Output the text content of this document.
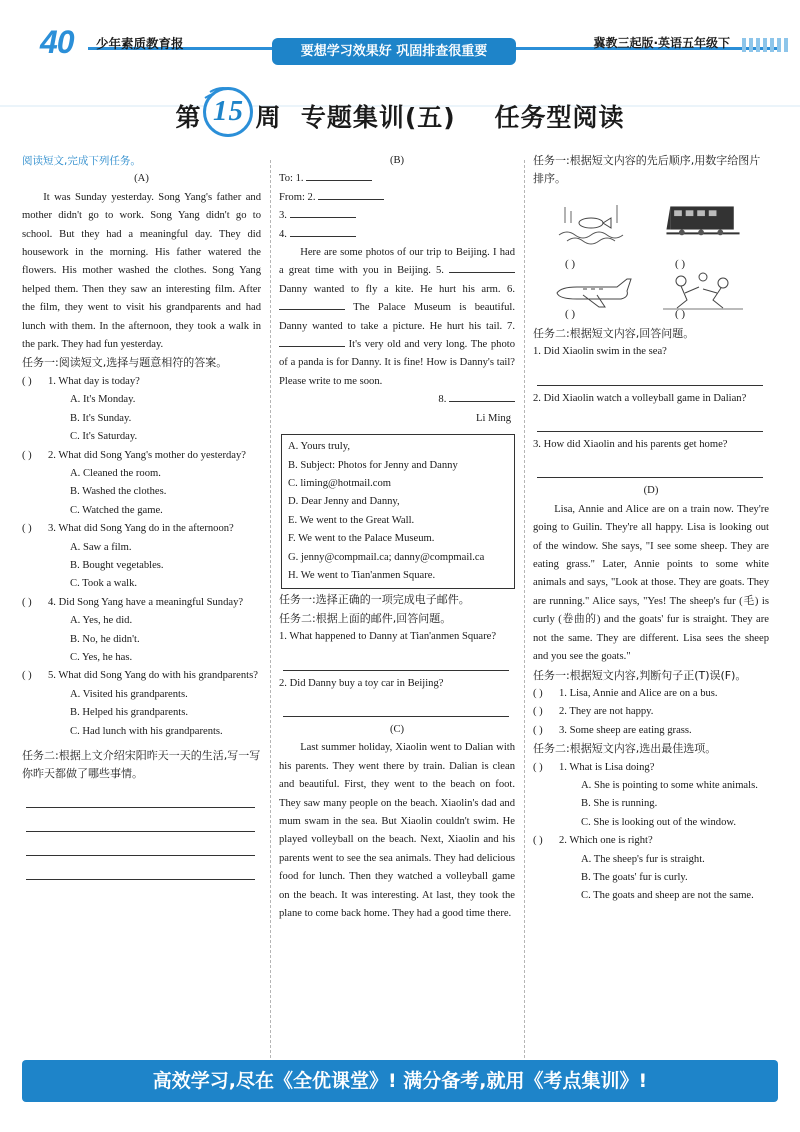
40 少年素质教育报
要想学习效果好 巩固排查很重要
冀教三起版·英语五年级下
第 15 周  专题集训(五)    任务型阅读
阅读短文,完成下列任务。
(A)
It was Sunday yesterday. Song Yang's father and mother didn't go to work. Song Yang didn't go to school. But they had a meaningful day. They did housework in the morning. His father watered the flowers. His mother washed the clothes. Song Yang helped them. Then they saw an interesting film. After the film, they went to visit his grandparents and had lunch with them. In the afternoon, they took a walk in the park. They had fun yesterday.
任务一:阅读短文,选择与题意相符的答案。
( )	1. What day is today?
A. It's Monday.
B. It's Sunday.
C. It's Saturday.
( )	2. What did Song Yang's mother do yesterday?
A. Cleaned the room.
B. Washed the clothes.
C. Watched the game.
( )	3. What did Song Yang do in the afternoon?
A. Saw a film.
B. Bought vegetables.
C. Took a walk.
( )	4. Did Song Yang have a meaningful Sunday?
A. Yes, he did.
B. No, he didn't.
C. Yes, he has.
( )	5. What did Song Yang do with his grandparents?
A. Visited his grandparents.
B. Helped his grandparents.
C. Had lunch with his grandparents.
任务二:根据上文介绍宋阳昨天一天的生活,写一写你昨天都做了哪些事情。
(B)
To: 1.
From: 2.
3.
4.
Here are some photos of our trip to Beijing. I had a great time with you in Beijing. 5.  Danny wanted to fly a kite. He hurt his arm. 6.  The Palace Museum is beautiful. Danny wanted to take a picture. He hurt his tail. 7.  It's very old and very long. The photo of a panda is for Danny. It is fine! How is Danny's tail? Please write to me soon.
8.
Li Ming
A. Yours truly,
B. Subject: Photos for Jenny and Danny
C. liming@hotmail.com
D. Dear Jenny and Danny,
E. We went to the Great Wall.
F. We went to the Palace Museum.
G. jenny@compmail.ca; danny@compmail.ca
H. We went to Tian'anmen Square.
任务一:选择正确的一项完成电子邮件。
任务二:根据上面的邮件,回答问题。
1. What happened to Danny at Tian'anmen Square?
2. Did Danny buy a toy car in Beijing?
(C)
Last summer holiday, Xiaolin went to Dalian with his parents. They went there by train. Dalian is clean and beautiful. First, they went to the beach on foot. They saw many people on the beach. Xiaolin's dad and mum swam in the sea. But Xiaolin couldn't swim. He played volleyball on the beach. Next, Xiaolin and his parents went to see the sea animals. They had delicious food for lunch. Then they watched a volleyball game on the beach. It was interesting. At last, they took the plane to come back home. They had a good time there.
任务一:根据短文内容的先后顺序,用数字给图片排序。
( )	( )
( )	( )
任务二:根据短文内容,回答问题。
1. Did Xiaolin swim in the sea?
2. Did Xiaolin watch a volleyball game in Dalian?
3. How did Xiaolin and his parents get home?
(D)
Lisa, Annie and Alice are on a train now. They're going to Guilin. They're all happy. Lisa is looking out of the window. She says, "I see some sheep. They are eating grass." Later, Annie points to some white animals and says, "Look at those. They are goats. They are running." Alice says, "Yes! The sheep's fur (毛) is curly (卷曲的) and the goats' fur is straight. They are not the same. They are different. Lisa sees the sheep and you see the goats."
任务一:根据短文内容,判断句子正(T)误(F)。
( )	1. Lisa, Annie and Alice are on a bus.
( )	2. They are not happy.
( )	3. Some sheep are eating grass.
任务二:根据短文内容,选出最佳选项。
( )	1. What is Lisa doing?
A. She is pointing to some white animals.
B. She is running.
C. She is looking out of the window.
( )	2. Which one is right?
A. The sheep's fur is straight.
B. The goats' fur is curly.
C. The goats and sheep are not the same.
高效学习,尽在《全优课堂》! 满分备考,就用《考点集训》!
